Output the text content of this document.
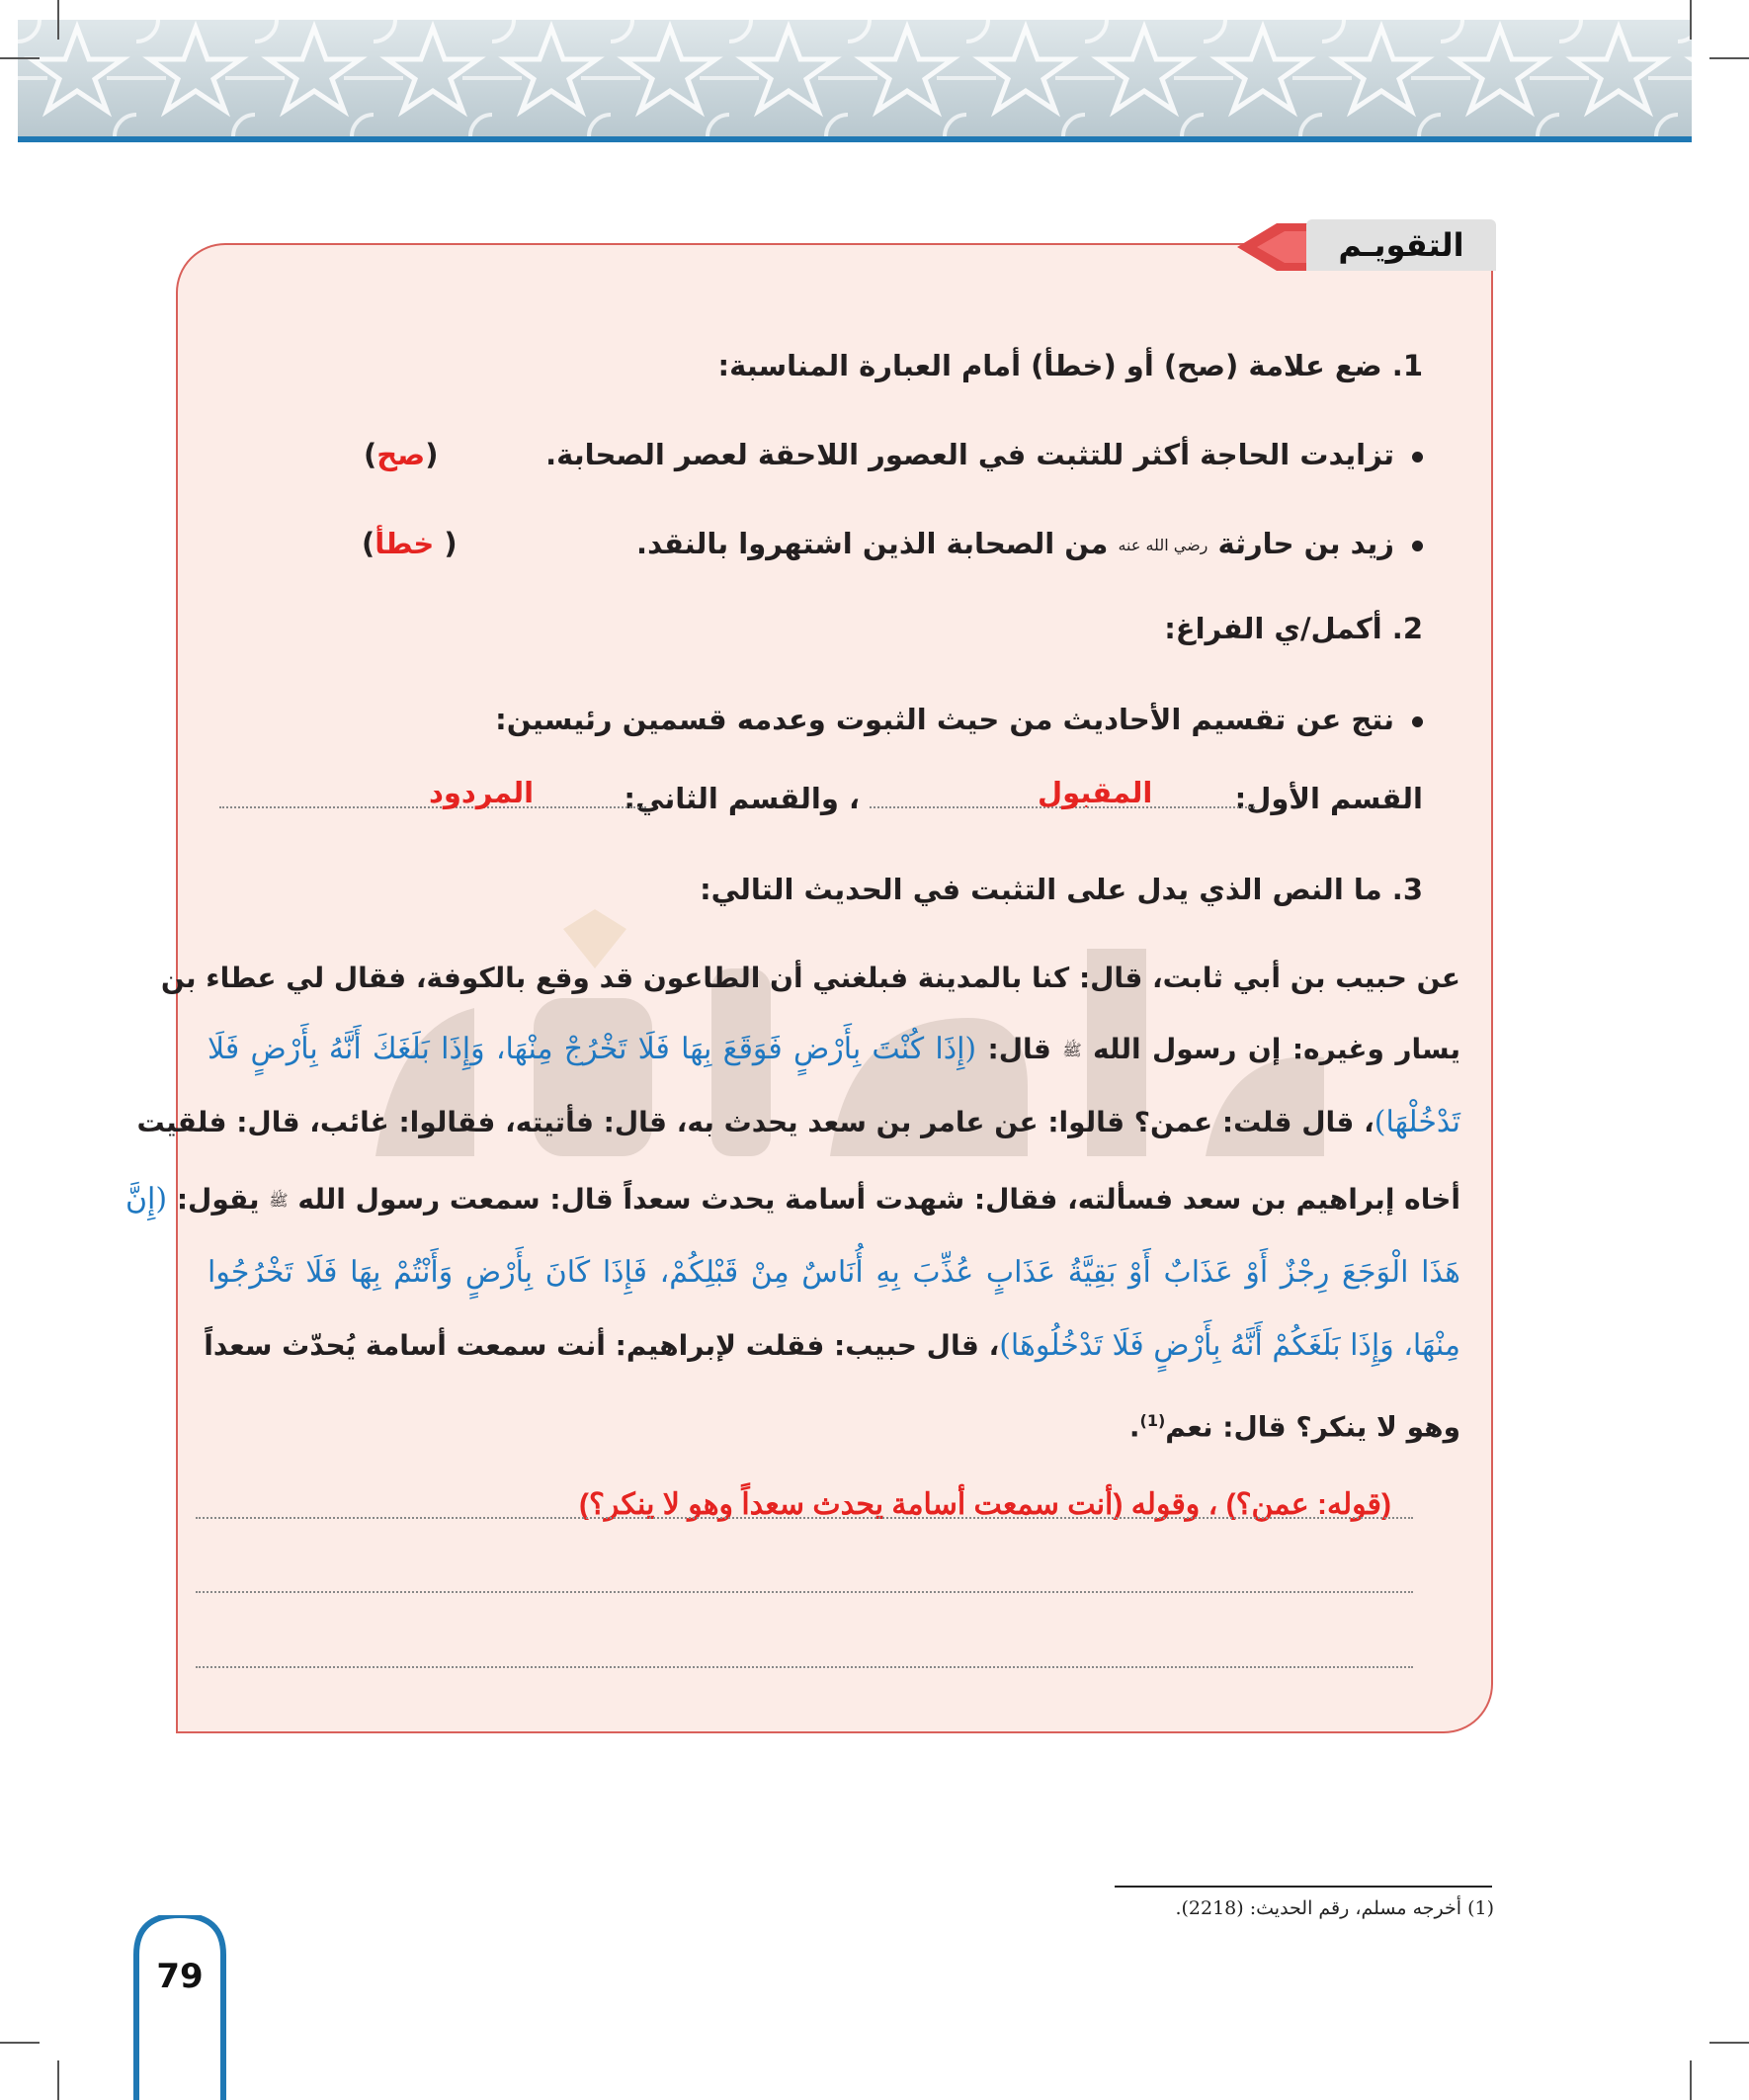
التقويـم
1. ضع علامة (صح) أو (خطأ) أمام العبارة المناسبة:
تزايدت الحاجة أكثر للتثبت في العصور اللاحقة لعصر الصحابة.
(صح)
زيد بن حارثة رضي الله عنه من الصحابة الذين اشتهروا بالنقد.
( خطأ)
2. أكمل/ي الفراغ:
نتج عن تقسيم الأحاديث من حيث الثبوت وعدمه قسمين رئيسين:
القسم الأول:
المقبول
، والقسم الثاني:
المردود
3. ما النص الذي يدل على التثبت في الحديث التالي:
عن حبيب بن أبي ثابت، قال: كنا بالمدينة فبلغني أن الطاعون قد وقع بالكوفة، فقال لي عطاء بن
يسار وغيره: إن رسول الله ﷺ قال: (إِذَا كُنْتَ بِأَرْضٍ فَوَقَعَ بِهَا فَلَا تَخْرُجْ مِنْهَا، وَإِذَا بَلَغَكَ أَنَّهُ بِأَرْضٍ فَلَا
تَدْخُلْهَا)، قال قلت: عمن؟ قالوا: عن عامر بن سعد يحدث به، قال: فأتيته، فقالوا: غائب، قال: فلقيت
أخاه إبراهيم بن سعد فسألته، فقال: شهدت أسامة يحدث سعداً قال: سمعت رسول الله ﷺ يقول: (إِنَّ
هَذَا الْوَجَعَ رِجْزٌ أَوْ عَذَابٌ أَوْ بَقِيَّةُ عَذَابٍ عُذِّبَ بِهِ أُنَاسٌ مِنْ قَبْلِكُمْ، فَإِذَا كَانَ بِأَرْضٍ وَأَنْتُمْ بِهَا فَلَا تَخْرُجُوا
مِنْهَا، وَإِذَا بَلَغَكُمْ أَنَّهُ بِأَرْضٍ فَلَا تَدْخُلُوهَا)، قال حبيب: فقلت لإبراهيم: أنت سمعت أسامة يُحدّث سعداً
وهو لا ينكر؟ قال: نعم$^{(1)}$.
(قوله: عمن؟) ، وقوله (أنت سمعت أسامة يحدث سعداً وهو لا ينكر؟)
(1) أخرجه مسلم، رقم الحديث: (2218).
79
